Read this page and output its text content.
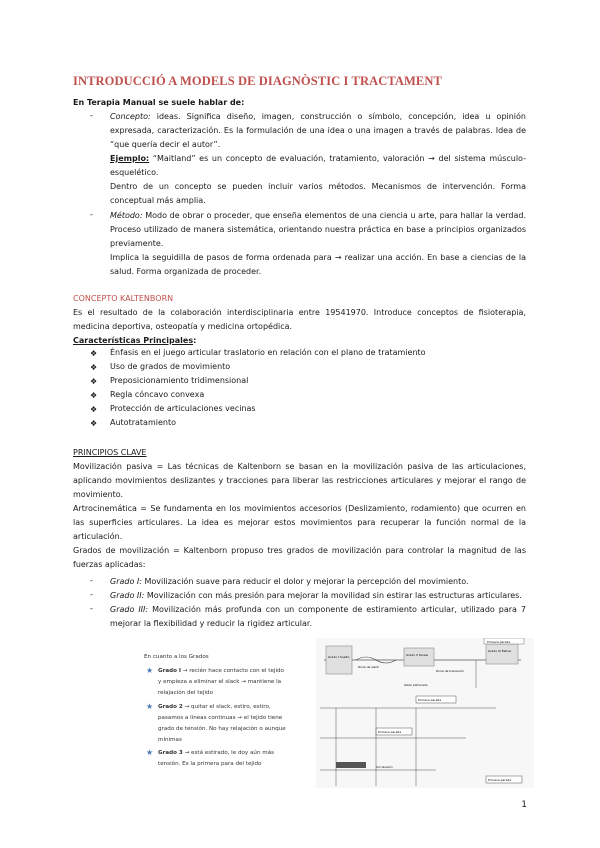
INTRODUCCIÓ A MODELS DE DIAGNÒSTIC I TRACTAMENT
En Terapia Manual se suele hablar de:
- Concepto: ideas. Significa diseño, imagen, construcción o símbolo, concepción, idea u opinión expresada, caracterización. Es la formulación de una idea o una imagen a través de palabras. Idea de “que quería decir el autor”.
Ejemplo: “Maitland” es un concepto de evaluación, tratamiento, valoración → del sistema músculo-esquelético.
Dentro de un concepto se pueden incluir varios métodos. Mecanismos de intervención. Forma conceptual más amplia.
- Método: Modo de obrar o proceder, que enseña elementos de una ciencia u arte, para hallar la verdad. Proceso utilizado de manera sistemática, orientando nuestra práctica en base a principios organizados previamente.
Implica la seguidilla de pasos de forma ordenada para → realizar una acción. En base a ciencias de la salud. Forma organizada de proceder.
CONCEPTO KALTENBORN
Es el resultado de la colaboración interdisciplinaria entre 19541970. Introduce conceptos de fisioterapia, medicina deportiva, osteopatía y medicina ortopédica.
Características Principales:
❖ Énfasis en el juego articular traslatorio en relación con el plano de tratamiento
❖ Uso de grados de movimiento
❖ Preposicionamiento tridimensional
❖ Regla cóncavo convexa
❖ Protección de articulaciones vecinas
❖ Autotratamiento
PRINCIPIOS CLAVE
Movilización pasiva = Las técnicas de Kaltenborn se basan en la movilización pasiva de las articulaciones, aplicando movimientos deslizantes y tracciones para liberar las restricciones articulares y mejorar el rango de movimiento.
Artrocinemática = Se fundamenta en los movimientos accesorios (Deslizamiento, rodamiento) que ocurren en las superficies articulares. La idea es mejorar estos movimientos para recuperar la función normal de la articulación.
Grados de movilización = Kaltenborn propuso tres grados de movilización para controlar la magnitud de las fuerzas aplicadas:
- Grado I: Movilización suave para reducir el dolor y mejorar la percepción del movimiento.
- Grado II: Movilización con más presión para mejorar la movilidad sin estirar las estructuras articulares.
- Grado III: Movilización más profunda con un componente de estiramiento articular, utilizado para 7 mejorar la flexibilidad y reducir la rigidez articular.
En cuanto a los Grados
★ Grado I → recién hace contacto con el tejido
y empieza a eliminar el slack → mantiene la
relajación del tejido
★ Grado 2 → quitar el slack, estiro, estiro,
pasamos a líneas continuas → el tejido tiene
grado de tensión. No hay relajación o aunque
mínimas
★ Grado 3 → está estirado, le doy aún más
tensión. Es la primera para del tejido
Primera parada
Grado I Suelto	Grado II Tensar
Grado III Estirar
Zona de slack
Zona de transición
Slack eliminado
Primera parada
Primera parada
Primera parada
Sin tensión
1
